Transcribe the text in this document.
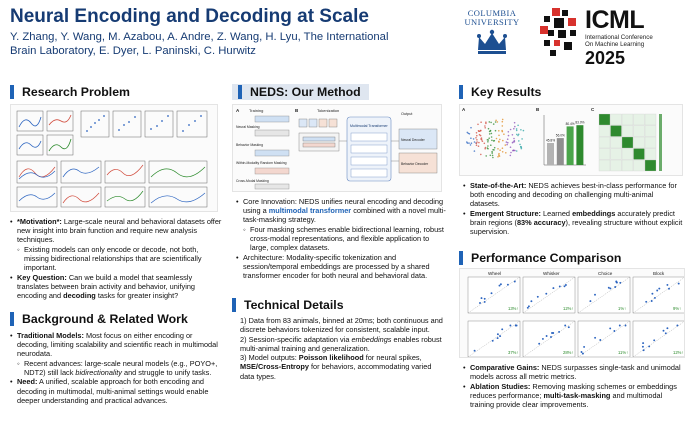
Neural Encoding and Decoding at Scale
Y. Zhang, Y. Wang, M. Azabou, A. Andre, Z. Wang, H. Lyu, The International
Brain Laboratory, E. Dyer, L. Paninski, C. Hurwitz
COLUMBIA
UNIVERSITY	ICML
International Conference
On Machine Learning
2025
Research Problem
• *Motivation*: Large-scale neural and behavioral datasets offer new insight into brain function and require new analysis techniques.
◦ Existing models can only encode or decode, not both, missing bidirectional relationships that are scientifically important.
• Key Question: Can we build a model that seamlessly translates between brain activity and behavior, unifying encoding and decoding tasks for greater insight?
Background & Related Work
• Traditional Models: Most focus on either encoding or decoding, limiting scalability and scientific reach in multimodal neurodata.
◦ Recent advances: large-scale neural models (e.g., POYO+, NDT2) still lack bidirectionality and struggle to unify tasks.
• Need: A unified, scalable approach for both encoding and decoding in multimodal, multi-animal settings would enable deeper understanding and practical advances.
NEDS: Our Method
A Training	B	Tokenization
Neural Masking
Behavior Masking
Within-Modality Random Masking
Cross-Modal Masking
Multimodal Transformer
Output
Neural Decoder
Behavior Decoder
• Core Innovation: NEDS unifies neural encoding and decoding using a multimodal transformer combined with a novel multi-task-masking strategy.
◦ Four masking schemes enable bidirectional learning, robust cross-modal representations, and flexible application to large, complex datasets.
• Architecture: Modality-specific tokenization and session/temporal embeddings are processed by a shared transformer encoder for both neural and behavioral data.
Technical Details
1) Data from 83 animals, binned at 20ms; both continuous and discrete behaviors tokenized for consistent, scalable input.
2) Session-specific adaptation via embeddings enables robust multi-animal training and generalization.
3) Model outputs: Poisson likelihood for neural spikes, MSE/Cross-Entropy for behaviors, accommodating varied data types.
Key Results
A	B	C
45.8%
56.0%
80.4% 83.0%
• State-of-the-Art: NEDS achieves best-in-class performance for both encoding and decoding on challenging multi-animal datasets.
• Emergent Structure: Learned embeddings accurately predict brain regions (83% accuracy), revealing structure without explicit supervision.
Performance Comparison
Wheel
13%↑
Whisker
12%↑
Choice
1%↑
Block
9%↑
37%↑	28%↑	11%↑	12%↑
• Comparative Gains: NEDS surpasses single-task and unimodal models across all metric metrics.
• Ablation Studies: Removing masking schemes or embeddings reduces performance; multi-task-masking and multimodal training provide clear improvements.
